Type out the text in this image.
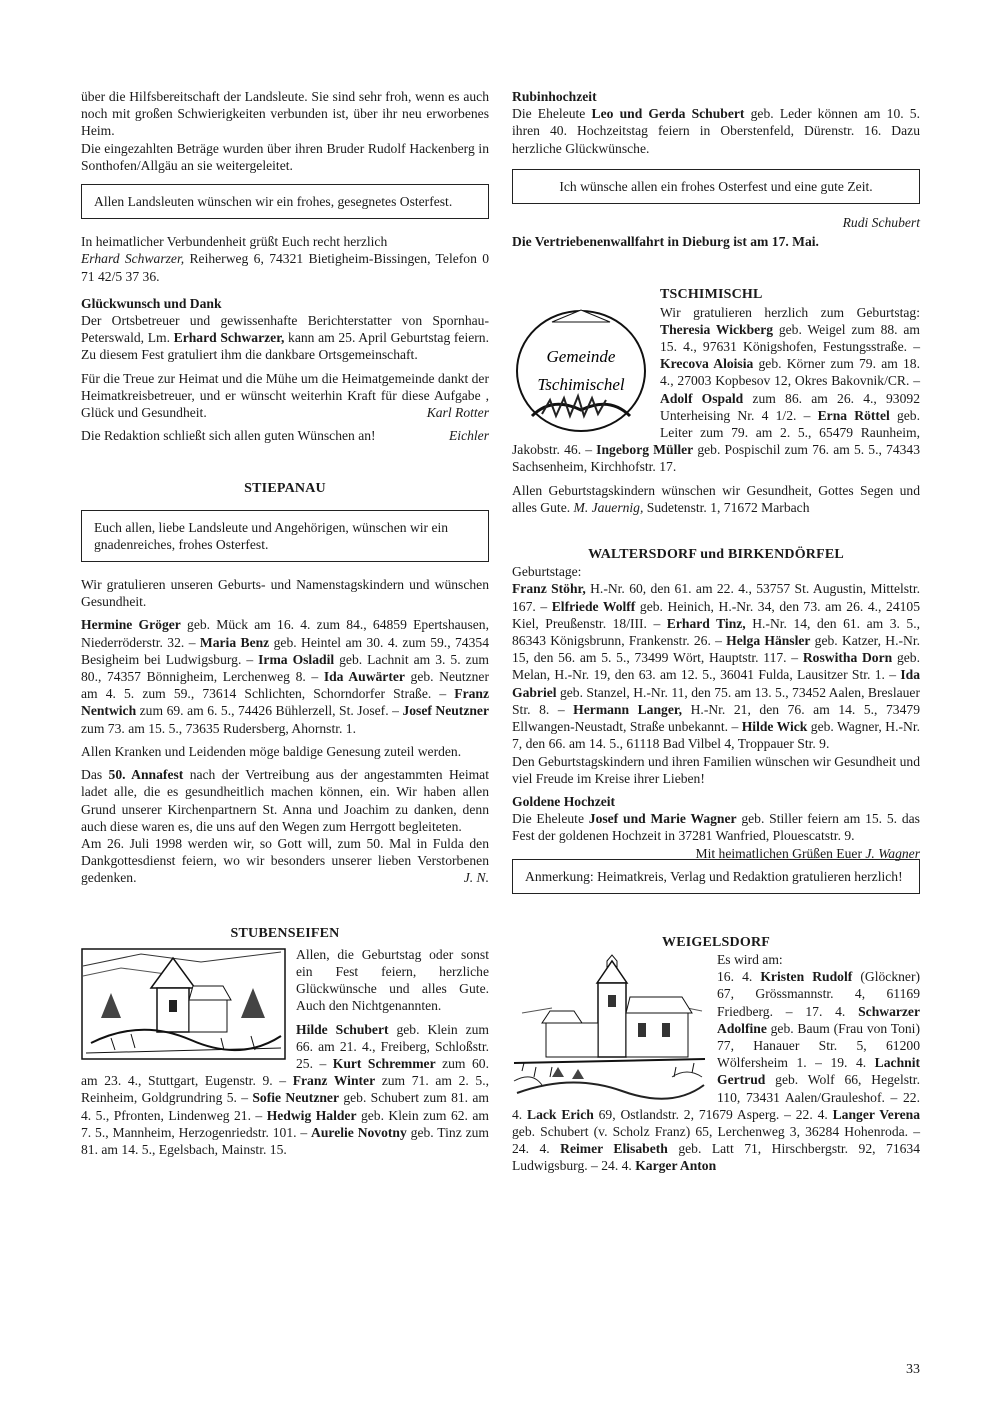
über die Hilfsbereitschaft der Landsleute. Sie sind sehr froh, wenn es auch noch mit großen Schwierigkeiten verbunden ist, über ihr neu erworbenes Heim.

Die eingezahlten Beträge wurden über ihren Bruder Rudolf Hackenberg in Sonthofen/Allgäu an sie weitergeleitet.

Allen Landsleuten wünschen wir ein frohes, gesegnetes Osterfest.

In heimatlicher Verbundenheit grüßt Euch recht herzlich
Erhard Schwarzer, Reiherweg 6, 74321 Bietigheim-Bissingen, Telefon 0 71 42/5 37 36.

Glückwunsch und Dank

Der Ortsbetreuer und gewissenhafte Berichterstatter von Spornhau-Peterswald, Lm. Erhard Schwarzer, kann am 25. April Geburtstag feiern. Zu diesem Fest gratuliert ihm die dankbare Ortsgemeinschaft.

Für die Treue zur Heimat und die Mühe um die Heimatgemeinde dankt der Heimatkreisbetreuer, und er wünscht weiterhin Kraft für diese Aufgabe , Glück und Gesundheit.	Karl Rotter

Die Redaktion schließt sich allen guten Wünschen an!	Eichler

STIEPANAU

Euch allen, liebe Landsleute und Angehörigen, wünschen wir ein gnadenreiches, frohes Osterfest.

Wir gratulieren unseren Geburts- und Namenstagskindern und wünschen Gesundheit.

Hermine Gröger geb. Mück am 16. 4. zum 84., 64859 Epertshausen, Niederröderstr. 32. – Maria Benz geb. Heintel am 30. 4. zum 59., 74354 Besigheim bei Ludwigsburg. – Irma Osladil geb. Lachnit am 3. 5. zum 80., 74357 Bönnigheim, Lerchenweg 8. – Ida Auwärter geb. Neutzner am 4. 5. zum 59., 73614 Schlichten, Schorndorfer Straße. – Franz Nentwich zum 69. am 6. 5., 74426 Bühlerzell, St. Josef. – Josef Neutzner zum 73. am 15. 5., 73635 Rudersberg, Ahornstr. 1.

Allen Kranken und Leidenden möge baldige Genesung zuteil werden.

Das 50. Annafest nach der Vertreibung aus der angestammten Heimat ladet alle, die es gesundheitlich machen können, ein. Wir haben allen Grund unserer Kirchenpartnern St. Anna und Joachim zu danken, denn auch diese waren es, die uns auf den Wegen zum Herrgott begleiteten.

Am 26. Juli 1998 werden wir, so Gott will, zum 50. Mal in Fulda den Dankgottesdienst feiern, wo wir besonders unserer lieben Verstorbenen gedenken.	J. N.

STUBENSEIFEN

Allen, die Geburtstag oder sonst ein Fest feiern, herzliche Glückwünsche und alles Gute. Auch den Nichtgenannten.

Hilde Schubert geb. Klein zum 66. am 21. 4., Freiberg, Schloßstr. 25. – Kurt Schremmer zum 60. am 23. 4., Stuttgart, Eugenstr. 9. – Franz Winter zum 71. am 2. 5., Reinheim, Goldgrundring 5. – Sofie Neutzner geb. Schubert zum 81. am 4. 5., Pfronten, Lindenweg 21. – Hedwig Halder geb. Klein zum 62. am 7. 5., Mannheim, Herzogenriedstr. 101. – Aurelie Novotny geb. Tinz zum 81. am 14. 5., Egelsbach, Mainstr. 15.

Rubinhochzeit

Die Eheleute Leo und Gerda Schubert geb. Leder können am 10. 5. ihren 40. Hochzeitstag feiern in Oberstenfeld, Dürenstr. 16. Dazu herzliche Glückwünsche.

Ich wünsche allen ein frohes Osterfest und eine gute Zeit.

Rudi Schubert

Die Vertriebenenwallfahrt in Dieburg ist am 17. Mai.

Gemeinde
Tschimischel

TSCHIMISCHL

Wir gratulieren herzlich zum Geburtstag: Theresia Wickberg geb. Weigel zum 88. am 15. 4., 97631 Königshofen, Festungsstraße. – Krecova Aloisia geb. Körner zum 79. am 18. 4., 27003 Kopbesov 12, Okres Bakovnik/CR. – Adolf Ospald zum 86. am 26. 4., 93092 Unterheising Nr. 4 1/2. – Erna Röttel geb. Leiter zum 79. am 2. 5., 65479 Raunheim, Jakobstr. 46. – Ingeborg Müller geb. Pospischil zum 76. am 5. 5., 74343 Sachsenheim, Kirchhofstr. 17.

Allen Geburtstagskindern wünschen wir Gesundheit, Gottes Segen und alles Gute. M. Jauernig, Sudetenstr. 1, 71672 Marbach

WALTERSDORF und BIRKENDÖRFEL

Geburtstage:

Franz Stöhr, H.-Nr. 60, den 61. am 22. 4., 53757 St. Augustin, Mittelstr. 167. – Elfriede Wolff geb. Heinich, H.-Nr. 34, den 73. am 26. 4., 24105 Kiel, Preußenstr. 18/III. – Erhard Tinz, H.-Nr. 14, den 61. am 3. 5., 86343 Königsbrunn, Frankenstr. 26. – Helga Hänsler geb. Katzer, H.-Nr. 15, den 56. am 5. 5., 73499 Wört, Hauptstr. 117. – Roswitha Dorn geb. Melan, H.-Nr. 19, den 63. am 12. 5., 36041 Fulda, Lausitzer Str. 1. – Ida Gabriel geb. Stanzel, H.-Nr. 11, den 75. am 13. 5., 73452 Aalen, Breslauer Str. 8. – Hermann Langer, H.-Nr. 21, den 76. am 14. 5., 73479 Ellwangen-Neustadt, Straße unbekannt. – Hilde Wick geb. Wagner, H.-Nr. 7, den 66. am 14. 5., 61118 Bad Vilbel 4, Troppauer Str. 9.

Den Geburtstagskindern und ihren Familien wünschen wir Gesundheit und viel Freude im Kreise ihrer Lieben!

Goldene Hochzeit

Die Eheleute Josef und Marie Wagner geb. Stiller feiern am 15. 5. das Fest der goldenen Hochzeit in 37281 Wanfried, Plouescatstr. 9.
Mit heimatlichen Grüßen Euer J. Wagner

Anmerkung: Heimatkreis, Verlag und Redaktion gratulieren herzlich!

WEIGELSDORF

Es wird am:

16. 4. Kristen Rudolf (Glöckner) 67, Grössmannstr. 4, 61169 Friedberg. – 17. 4. Schwarzer Adolfine geb. Baum (Frau von Toni) 77, Hanauer Str. 5, 61200 Wölfersheim 1. – 19. 4. Lachnit Gertrud geb. Wolf 66, Hegelstr. 110, 73431 Aalen/Grauleshof. – 22. 4. Lack Erich 69, Ostlandstr. 2, 71679 Asperg. – 22. 4. Langer Verena geb. Schubert (v. Scholz Franz) 65, Lerchenweg 3, 36284 Hohenroda. – 24. 4. Reimer Elisabeth geb. Latt 71, Hirschbergstr. 92, 71634 Ludwigsburg. – 24. 4. Karger Anton

33
